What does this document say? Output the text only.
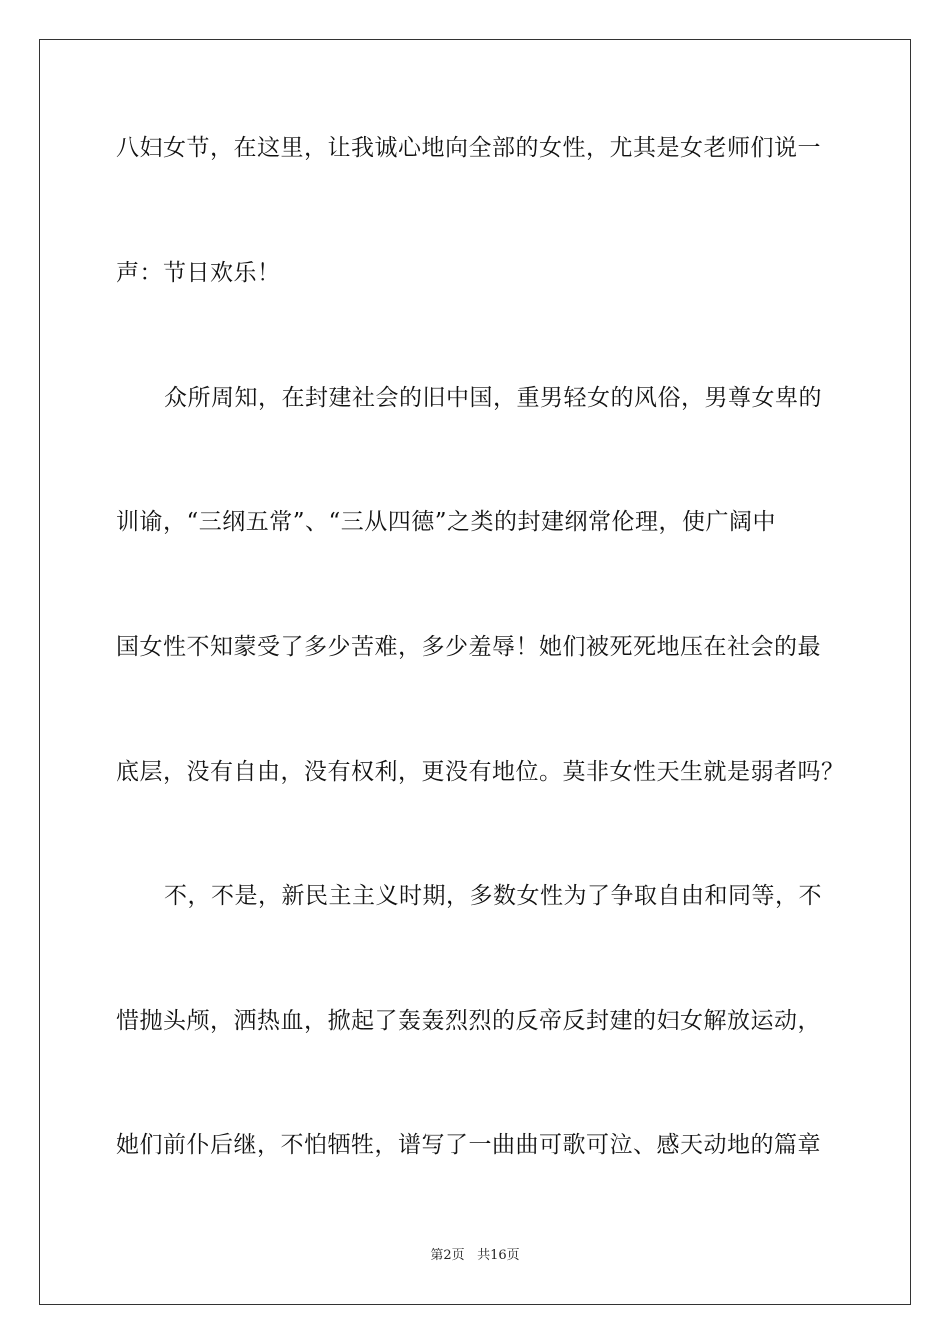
八妇女节，在这里，让我诚心地向全部的女性，尤其是女老师们说一
声：节日欢乐！
众所周知，在封建社会的旧中国，重男轻女的风俗，男尊女卑的
训谕，“三纲五常”、“三从四德”之类的封建纲常伦理，使广阔中
国女性不知蒙受了多少苦难，多少羞辱！她们被死死地压在社会的最
底层，没有自由，没有权利，更没有地位。莫非女性天生就是弱者吗？
不，不是，新民主主义时期，多数女性为了争取自由和同等，不
惜抛头颅，洒热血，掀起了轰轰烈烈的反帝反封建的妇女解放运动，
她们前仆后继，不怕牺牲，谱写了一曲曲可歌可泣、感天动地的篇章
第2页 共16页
